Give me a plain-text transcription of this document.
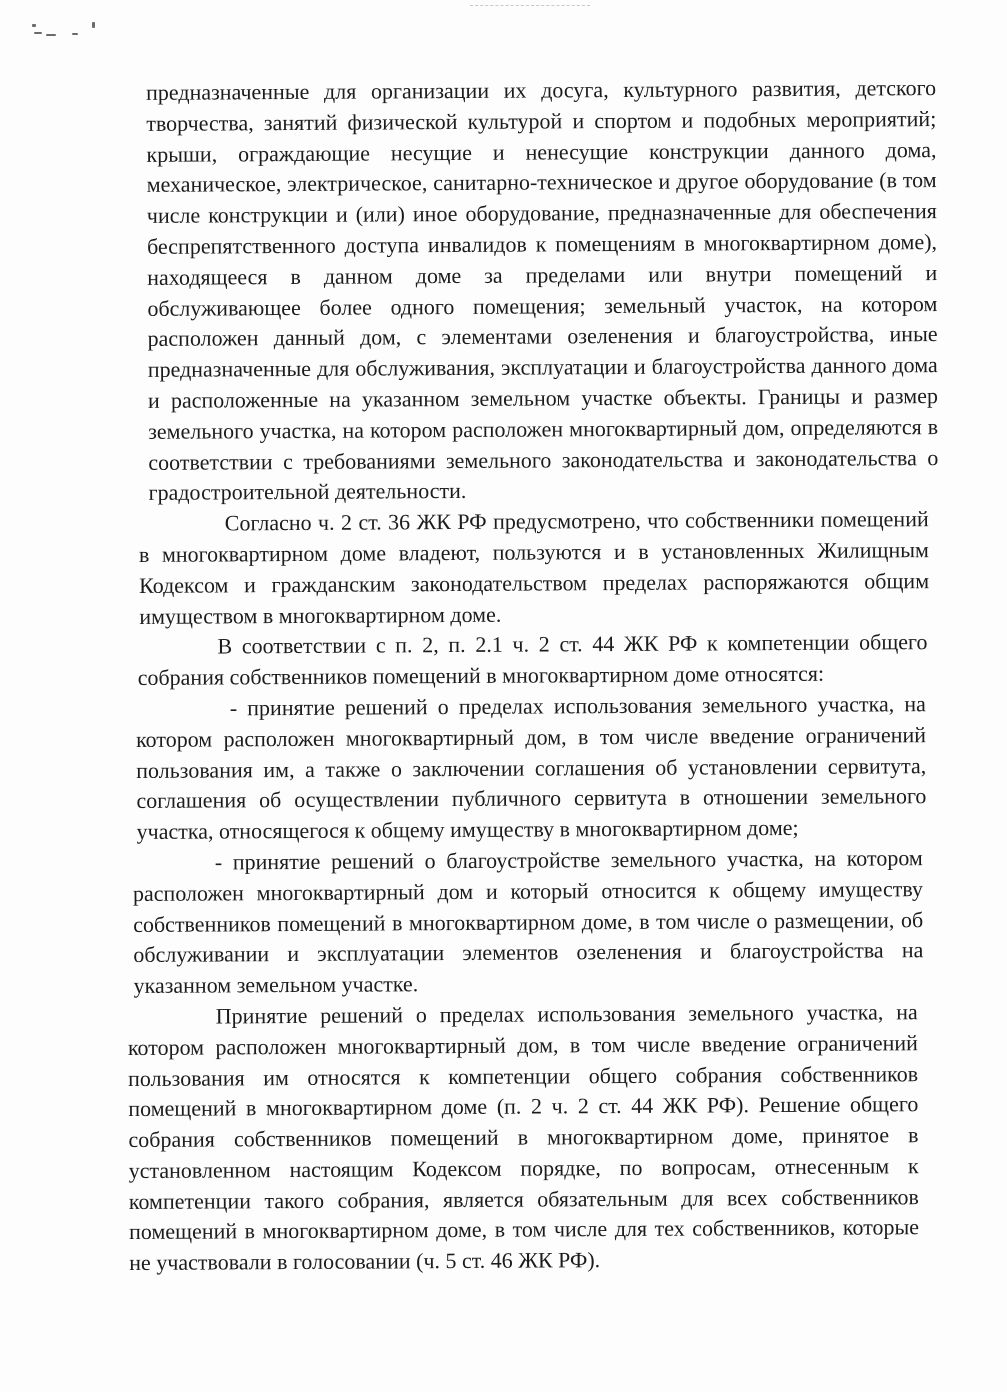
предназначенные для организации их досуга, культурного развития, детского творчества, занятий физической культурой и спортом и подобных мероприятий; крыши, ограждающие несущие и ненесущие конструкции данного дома, механическое, электрическое, санитарно-техническое и другое оборудование (в том числе конструкции и (или) иное оборудование, предназначенные для обеспечения беспрепятственного доступа инвалидов к помещениям в многоквартирном доме), находящееся в данном доме за пределами или внутри помещений и обслуживающее более одного помещения; земельный участок, на котором расположен данный дом, с элементами озеленения и благоустройства, иные предназначенные для обслуживания, эксплуатации и благоустройства данного дома и расположенные на указанном земельном участке объекты. Границы и размер земельного участка, на котором расположен многоквартирный дом, определяются в соответствии с требованиями земельного законодательства и законодательства о градостроительной деятельности.

Согласно ч. 2 ст. 36 ЖК РФ предусмотрено, что собственники помещений в многоквартирном доме владеют, пользуются и в установленных Жилищным Кодексом и гражданским законодательством пределах распоряжаются общим имуществом в многоквартирном доме.

В соответствии с п. 2, п. 2.1 ч. 2 ст. 44 ЖК РФ к компетенции общего собрания собственников помещений в многоквартирном доме относятся:

- принятие решений о пределах использования земельного участка, на котором расположен многоквартирный дом, в том числе введение ограничений пользования им, а также о заключении соглашения об установлении сервитута, соглашения об осуществлении публичного сервитута в отношении земельного участка, относящегося к общему имуществу в многоквартирном доме;

- принятие решений о благоустройстве земельного участка, на котором расположен многоквартирный дом и который относится к общему имуществу собственников помещений в многоквартирном доме, в том числе о размещении, об обслуживании и эксплуатации элементов озеленения и благоустройства на указанном земельном участке.

Принятие решений о пределах использования земельного участка, на котором расположен многоквартирный дом, в том числе введение ограничений пользования им относятся к компетенции общего собрания собственников помещений в многоквартирном доме (п. 2 ч. 2 ст. 44 ЖК РФ). Решение общего собрания собственников помещений в многоквартирном доме, принятое в установленном настоящим Кодексом порядке, по вопросам, отнесенным к компетенции такого собрания, является обязательным для всех собственников помещений в многоквартирном доме, в том числе для тех собственников, которые не участвовали в голосовании (ч. 5 ст. 46 ЖК РФ).
